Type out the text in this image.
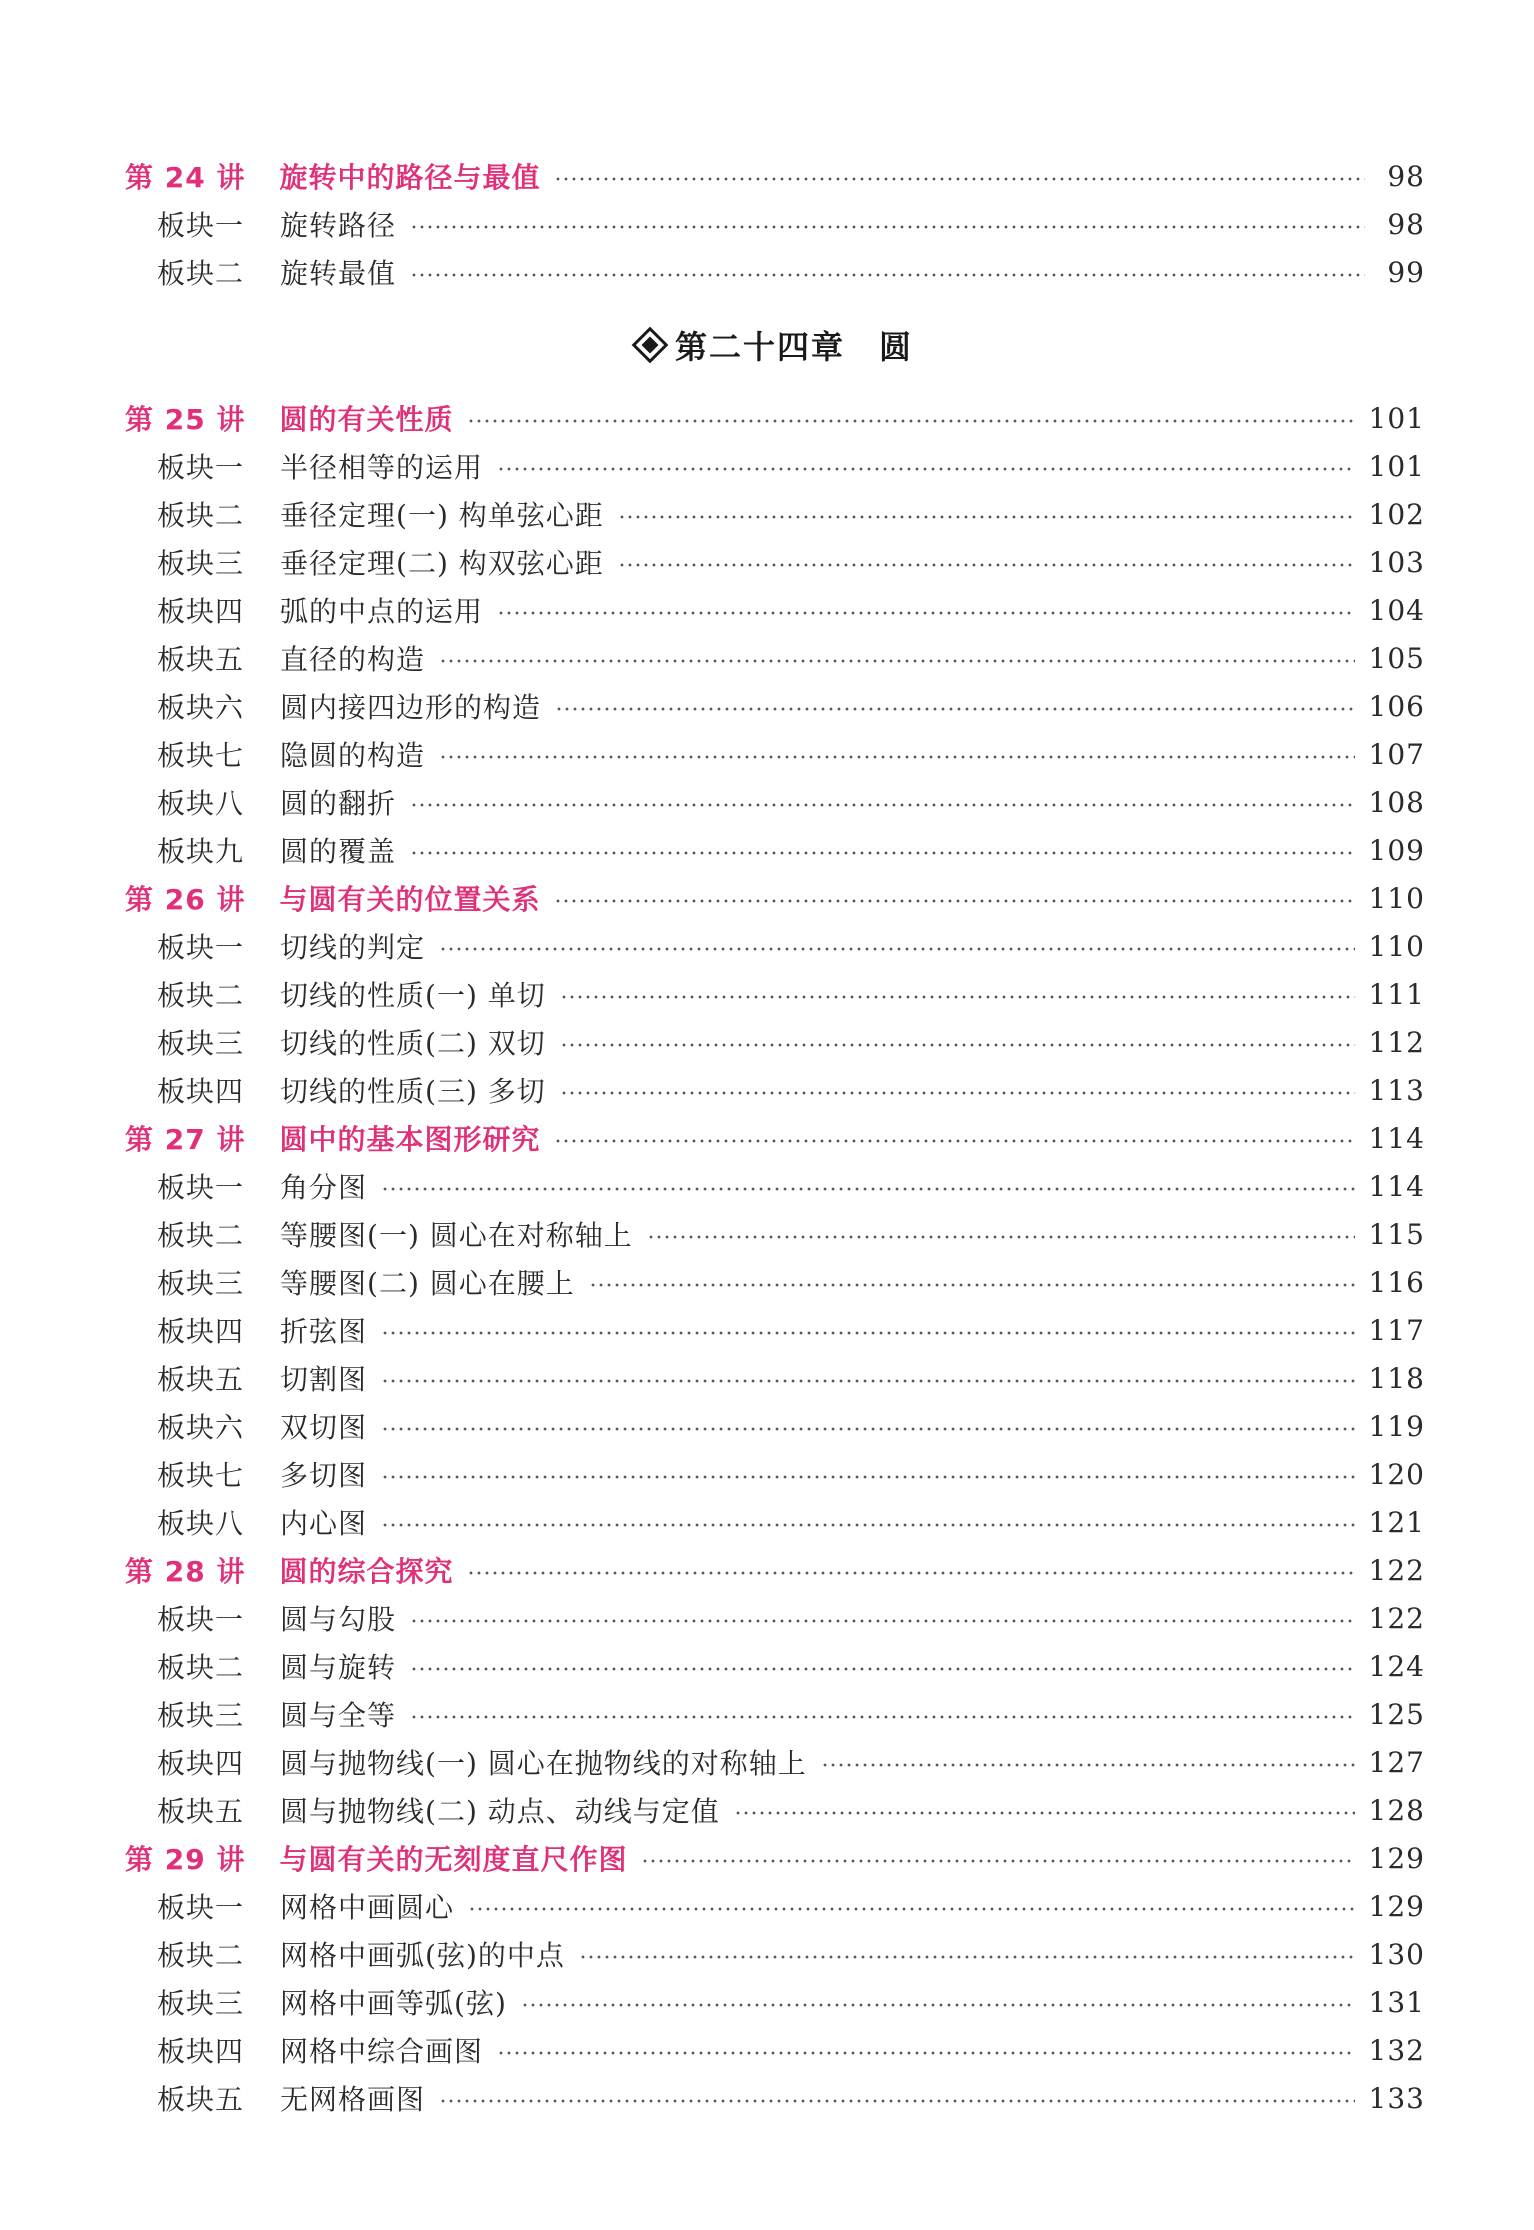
第 24 讲 旋转中的路径与最值	98
板块一 旋转路径	98
板块二 旋转最值	99
第二十四章　圆
第 25 讲 圆的有关性质	101
板块一 半径相等的运用	101
板块二 垂径定理(一) 构单弦心距	102
板块三 垂径定理(二) 构双弦心距	103
板块四 弧的中点的运用	104
板块五 直径的构造	105
板块六 圆内接四边形的构造	106
板块七 隐圆的构造	107
板块八 圆的翻折	108
板块九 圆的覆盖	109
第 26 讲 与圆有关的位置关系	110
板块一 切线的判定	110
板块二 切线的性质(一) 单切	111
板块三 切线的性质(二) 双切	112
板块四 切线的性质(三) 多切	113
第 27 讲 圆中的基本图形研究	114
板块一 角分图	114
板块二 等腰图(一) 圆心在对称轴上	115
板块三 等腰图(二) 圆心在腰上	116
板块四 折弦图	117
板块五 切割图	118
板块六 双切图	119
板块七 多切图	120
板块八 内心图	121
第 28 讲 圆的综合探究	122
板块一 圆与勾股	122
板块二 圆与旋转	124
板块三 圆与全等	125
板块四 圆与抛物线(一) 圆心在抛物线的对称轴上	127
板块五 圆与抛物线(二) 动点、动线与定值	128
第 29 讲 与圆有关的无刻度直尺作图	129
板块一 网格中画圆心	129
板块二 网格中画弧(弦)的中点	130
板块三 网格中画等弧(弦)	131
板块四 网格中综合画图	132
板块五 无网格画图	133
